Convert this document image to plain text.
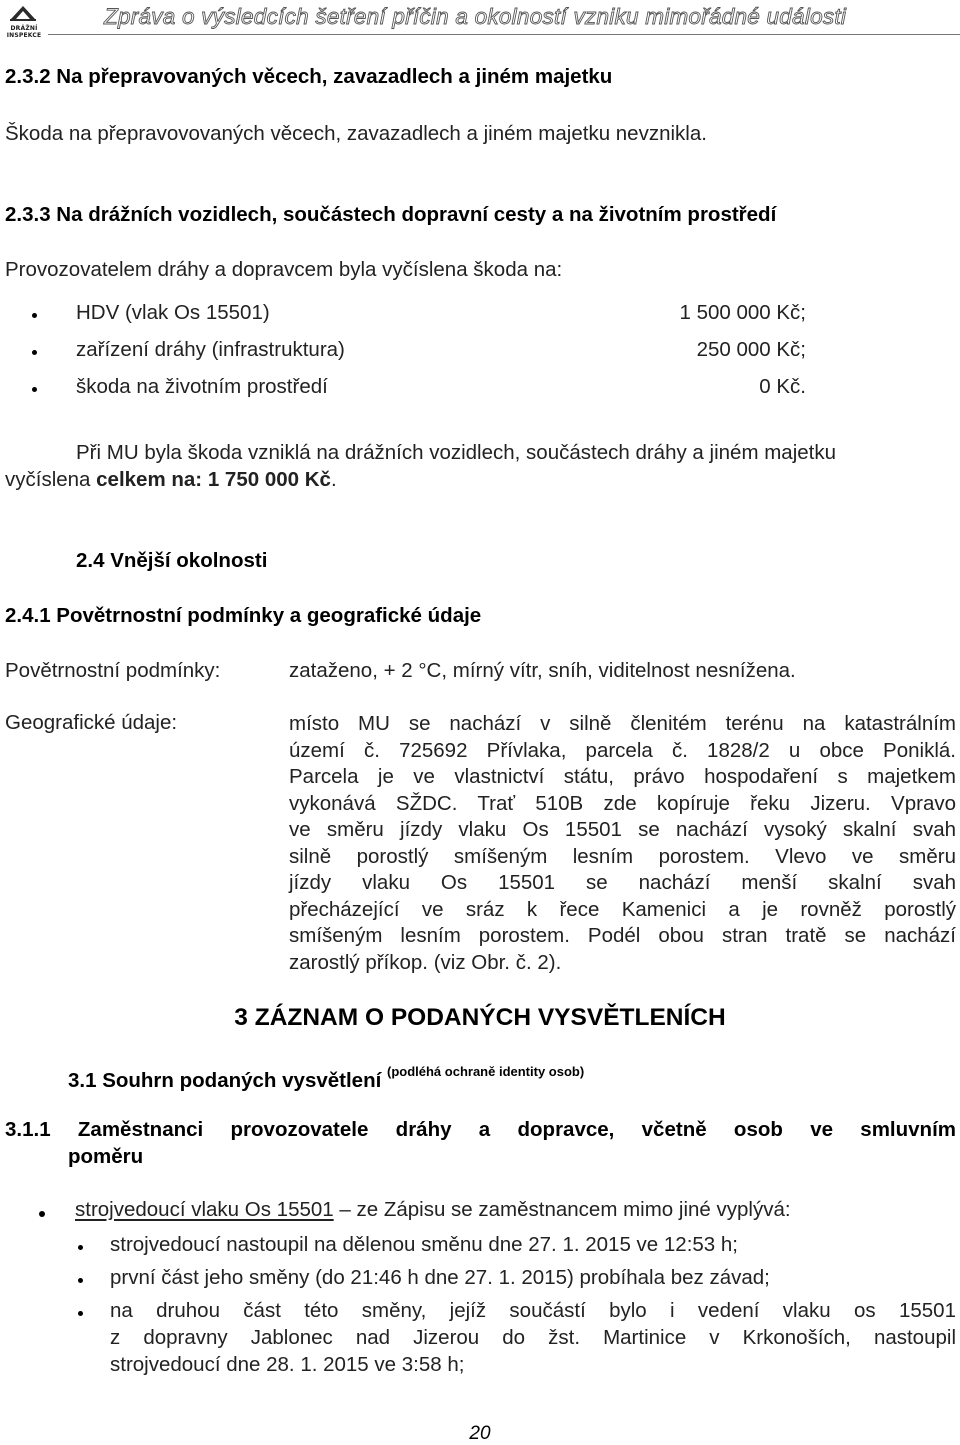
DRÁŽNÍ
INSPEKCE
Zpráva o výsledcích šetření příčin a okolností vzniku mimořádné události
2.3.2 Na přepravovaných věcech, zavazadlech a jiném majetku
Škoda na přepravovovaných věcech, zavazadlech a jiném majetku nevznikla.
2.3.3 Na drážních vozidlech, součástech dopravní cesty a na životním prostředí
Provozovatelem dráhy a dopravcem byla vyčíslena škoda na:
HDV (vlak Os 15501)	1 500 000 Kč;
zařízení dráhy (infrastruktura)	250 000 Kč;
škoda na životním prostředí	0 Kč.
Při MU byla škoda vzniklá na drážních vozidlech, součástech dráhy a jiném majetku
vyčíslena celkem na: 1 750 000 Kč.
2.4 Vnější okolnosti
2.4.1 Povětrnostní podmínky a geografické údaje
Povětrnostní podmínky:	zataženo, + 2 °C, mírný vítr, sníh, viditelnost nesnížena.
Geografické údaje:	místo MU se nachází v silně členitém terénu na katastrálním
území č. 725692 Přívlaka, parcela č. 1828/2 u obce Poniklá.
Parcela je ve vlastnictví státu, právo hospodaření s majetkem
vykonává SŽDC. Trať 510B zde kopíruje řeku Jizeru. Vpravo
ve směru jízdy vlaku Os 15501 se nachází vysoký skalní svah
silně porostlý smíšeným lesním porostem. Vlevo ve směru
jízdy vlaku Os 15501 se nachází menší skalní svah
přecházející ve sráz k řece Kamenici a je rovněž porostlý
smíšeným lesním porostem. Podél obou stran tratě se nachází
zarostlý příkop. (viz Obr. č. 2).
3 ZÁZNAM O PODANÝCH VYSVĚTLENÍCH
3.1 Souhrn podaných vysvětlení $^{(podléhá ochraně identity osob)}$
3.1.1 Zaměstnanci provozovatele dráhy a dopravce, včetně osob ve smluvním
poměru
strojvedoucí vlaku Os 15501 – ze Zápisu se zaměstnancem mimo jiné vyplývá:
strojvedoucí nastoupil na dělenou směnu dne 27. 1. 2015 ve 12:53 h;
první část jeho směny (do 21:46 h dne 27. 1. 2015) probíhala bez závad;
na druhou část této směny, jejíž součástí bylo i vedení vlaku os 15501
z dopravny Jablonec nad Jizerou do žst. Martinice v Krkonoších, nastoupil
strojvedoucí dne 28. 1. 2015 ve 3:58 h;
20
